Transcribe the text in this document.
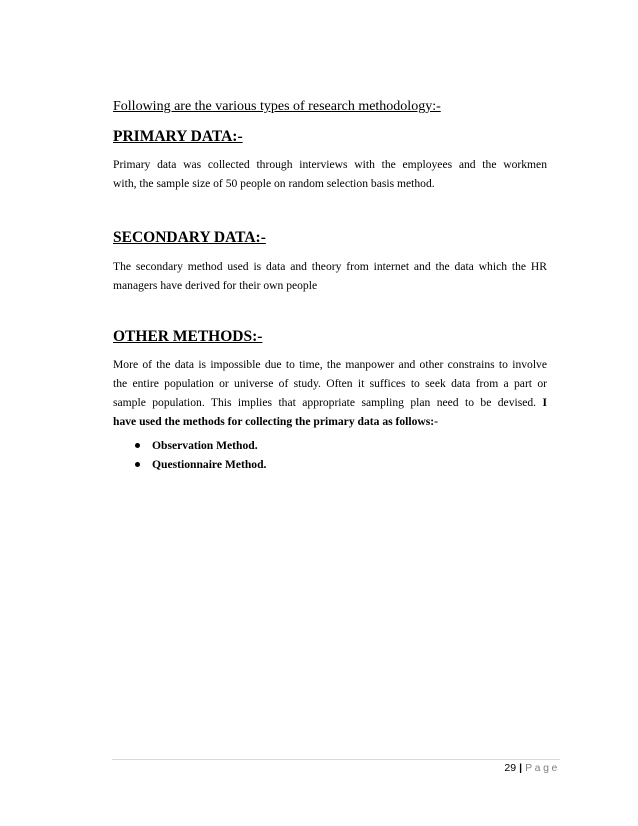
Following are the various types of research methodology:-
PRIMARY DATA:-
Primary data was collected through interviews with the employees and the workmen
with, the sample size of 50 people on random selection basis method.
SECONDARY DATA:-
The secondary method used is data and theory from internet and the data which the HR
managers have derived for their own people
OTHER METHODS:-
More of the data is impossible due to time, the manpower and other constrains to involve
the entire population or universe of study. Often it suffices to seek data from a part or
sample population. This implies that appropriate sampling plan need to be devised. I
have used the methods for collecting the primary data as follows:-
Observation Method.
Questionnaire Method.
29 | Page
